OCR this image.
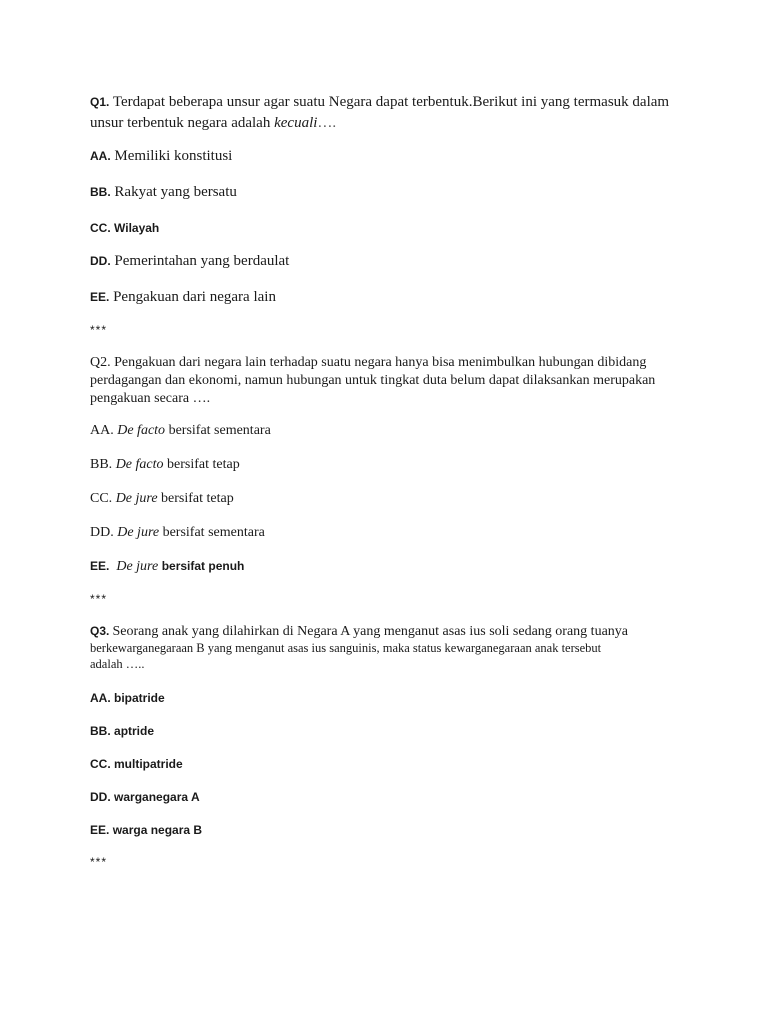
Q1. Terdapat beberapa unsur agar suatu Negara dapat terbentuk.Berikut ini yang termasuk dalam

unsur terbentuk negara adalah kecuali….

AA. Memiliki konstitusi

BB. Rakyat yang bersatu

CC. Wilayah

DD. Pemerintahan yang berdaulat

EE. Pengakuan dari negara lain

***

Q2. Pengakuan dari negara lain terhadap suatu negara hanya bisa menimbulkan hubungan dibidang

perdagangan dan ekonomi, namun hubungan untuk tingkat duta belum dapat dilaksankan merupakan

pengakuan secara ….

AA. De facto bersifat sementara

BB. De facto bersifat tetap

CC. De jure bersifat tetap

DD. De jure bersifat sementara

EE. De jure bersifat penuh

***

Q3. Seorang anak yang dilahirkan di Negara A yang menganut asas ius soli sedang orang tuanya

berkewarganegaraan B yang menganut asas ius sanguinis, maka status kewarganegaraan anak tersebut

adalah …..

AA. bipatride

BB. aptride

CC. multipatride

DD. warganegara A

EE. warga negara B

***
